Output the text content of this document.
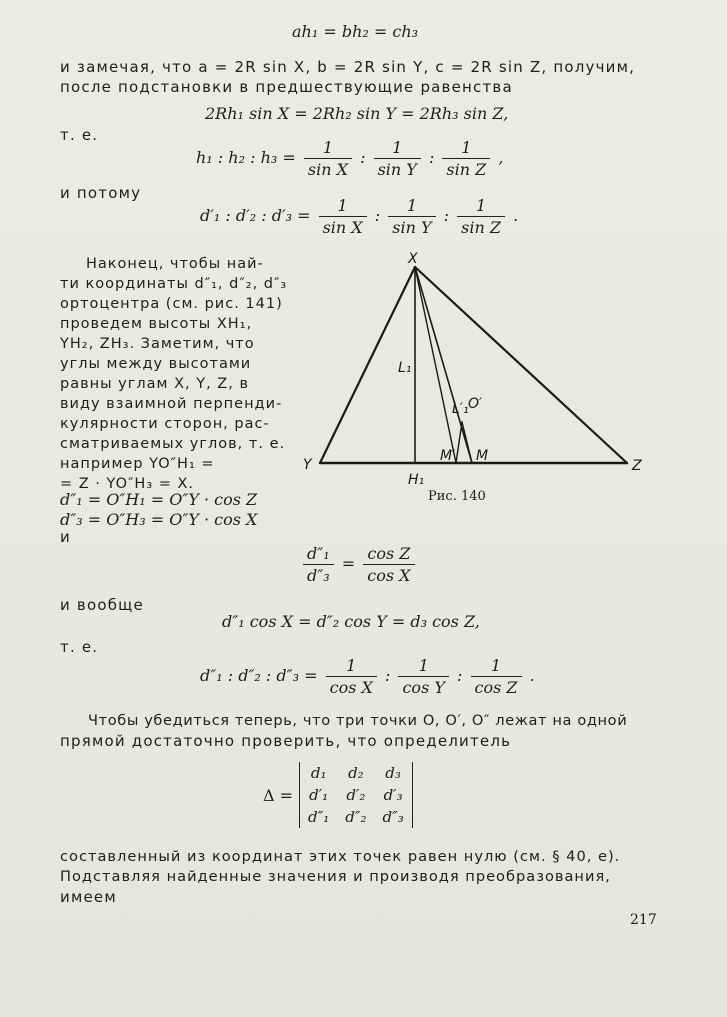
ah₁ = bh₂ = ch₃
и замечая, что a = 2R sin X, b = 2R sin Y, c = 2R sin Z, получим,
после подстановки в предшествующие равенства
2Rh₁ sin X = 2Rh₂ sin Y = 2Rh₃ sin Z,
т. е.
h₁ : h₂ : $h_3 = \frac{1}{\text{sin X}}$ : $\frac{1}{\text{sin Y}}$ : $\frac{1}{\text{sin Z}}$ ,
и потому
d′₁ : d′₂ : $d'_3 = \frac{1}{\text{sin X}}$ : $\frac{1}{\text{sin Y}}$ : $\frac{1}{\text{sin Z}}$ .
Наконец, чтобы най-
ти координаты d″₁, d″₂, d″₃
ортоцентра (см. рис. 141)
проведем высоты XH₁,
YH₂, ZH₃. Заметим, что
углы между высотами
равны углам X, Y, Z, в
виду взаимной перпенди-
кулярности сторон, рас-
сматриваемых углов, т. е.
например YO″H₁ =
= Z · YO″H₃ = X.
d″₁ = O″H₁ = O″Y · cos Z
d″₃ = O″H₃ = O″Y · cos X
и
X
Y	Z
L₁
L′₁ O′
M′ M
H₁
Рис. 140
$\frac{\text{d″₁}}{\text{d″₃}} = \frac{\text{cos Z}}{\text{cos X}}$
и вообще
d″₁ cos X = d″₂ cos Y = d₃ cos Z,
т. е.
d″₁ : d″₂ : $d''_3 = \frac{1}{\text{cos X}}$ : $\frac{1}{\text{cos Y}}$ : $\frac{1}{\text{cos Z}}$ .
Чтобы убедиться теперь, что три точки O, O′, O″ лежат на одной
прямой достаточно проверить, что определитель
Δ =	
d₁	d₂	d₃
d′₁	d′₂	d′₃
d″₁	d″₂	d″₃
составленный из координат этих точек равен нулю (см. § 40, е).
Подставляя найденные значения и производя преобразования,
имеем
217
